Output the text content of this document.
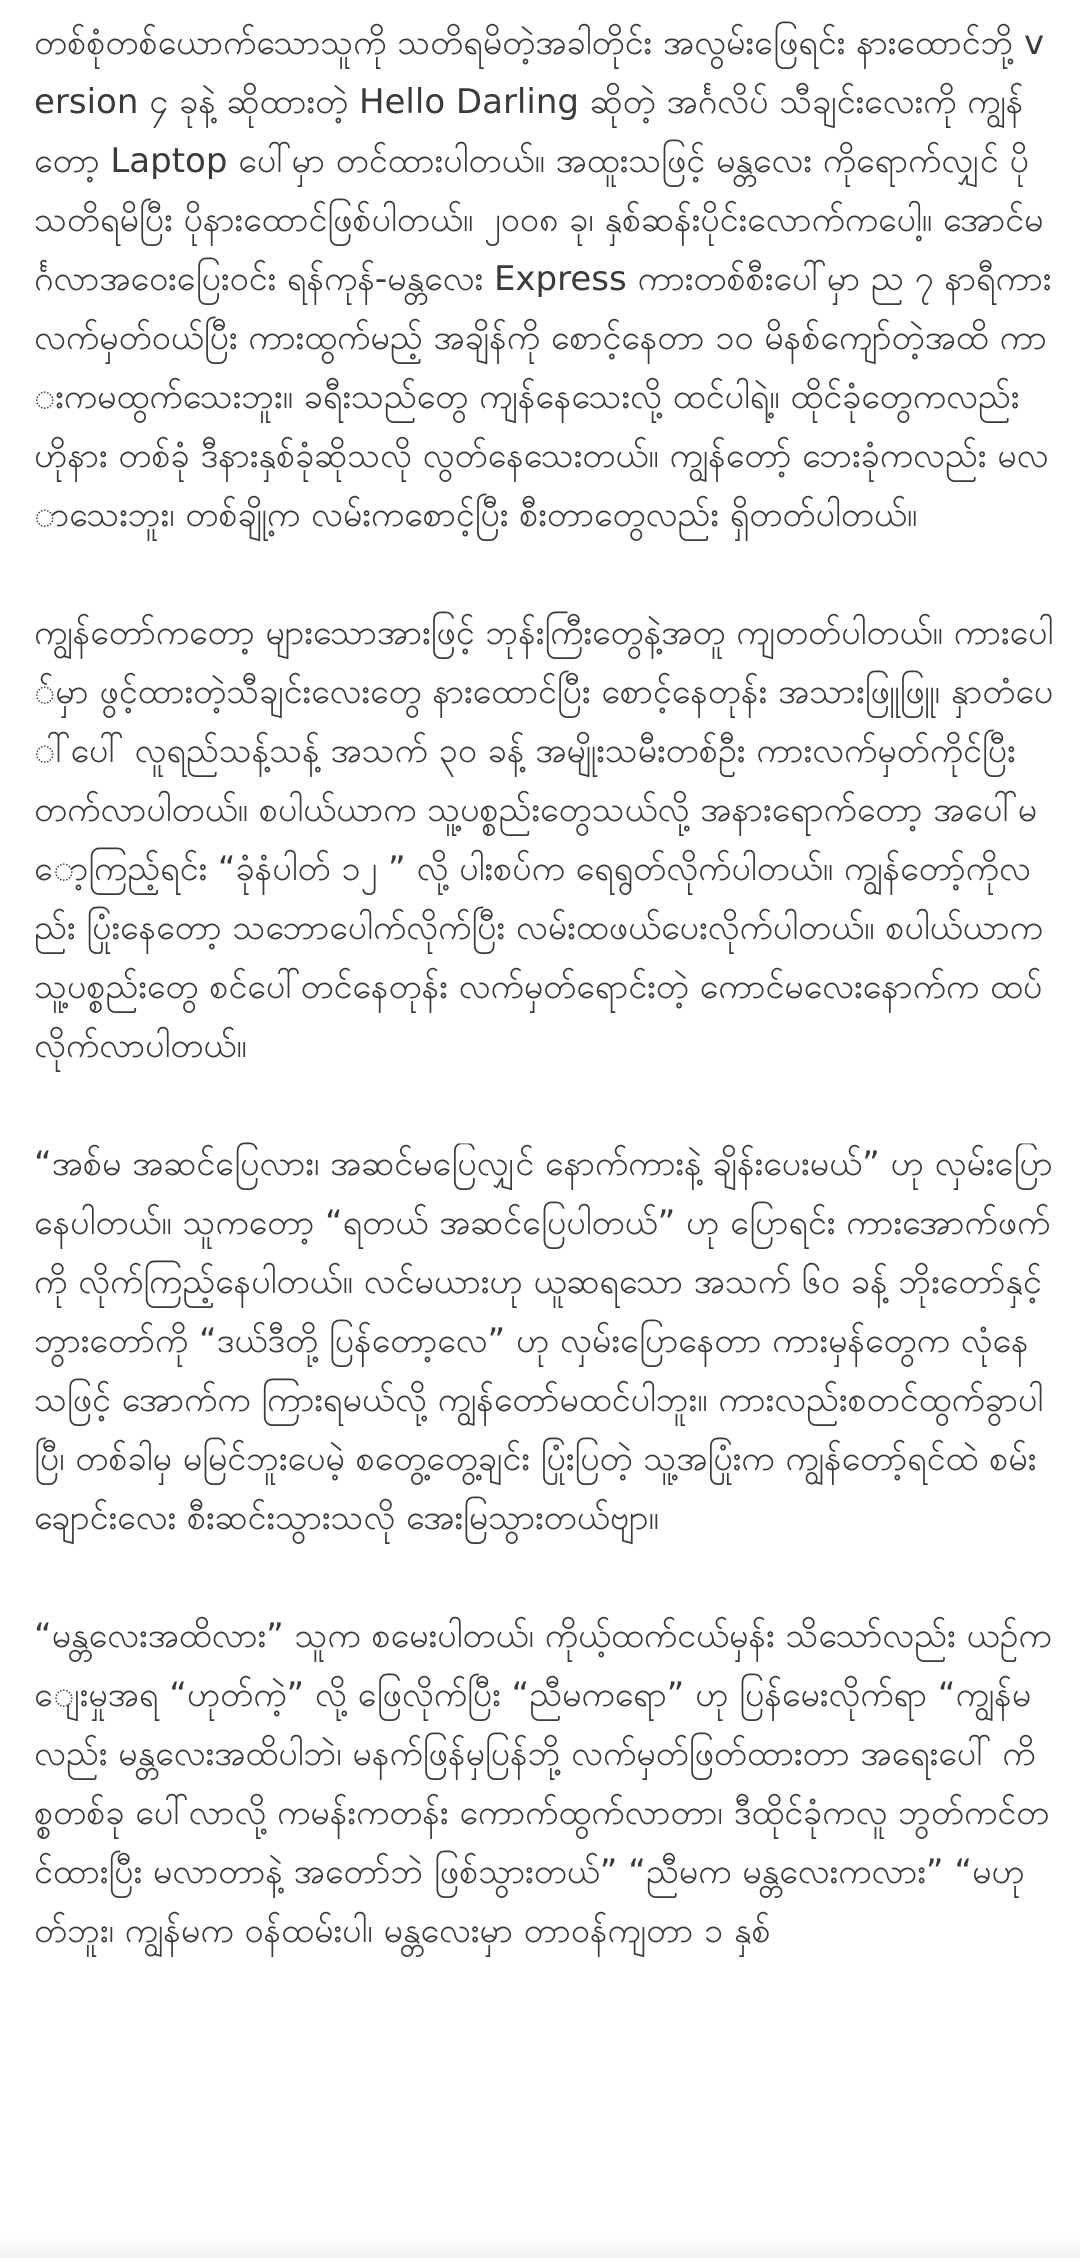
တစ်စုံတစ်ယောက်သောသူကို သတိရမိတဲ့အခါတိုင်း အလွမ်းဖြေရင်း နားထောင်ဘို့ version ၄ ခုနဲ့ ဆိုထားတဲ့ Hello Darling ဆိုတဲ့ အင်္ဂလိပ် သီချင်းလေးကို ကျွန်တော့ Laptop ပေါ်မှာ တင်ထားပါတယ်။ အထူးသဖြင့် မန္တလေး ကိုရောက်လျှင် ပိုသတိရမိပြီး ပိုနားထောင်ဖြစ်ပါတယ်။ ၂၀၀၈ ခု၊ နှစ်ဆန်းပိုင်းလောက်ကပေါ့။ အောင်မင်္ဂလာအဝေးပြေးဝင်း ရန်ကုန်-မန္တလေး Express ကားတစ်စီးပေါ်မှာ ည ၇ နာရီကား လက်မှတ်ဝယ်ပြီး ကားထွက်မည့် အချိန်ကို စောင့်နေတာ ၁၀ မိနစ်ကျော်တဲ့အထိ ကားကမထွက်သေးဘူး။ ခရီးသည်တွေ ကျန်နေသေးလို့ ထင်ပါရဲ့။ ထိုင်ခုံတွေကလည်း ဟိုနား တစ်ခုံ ဒီနားနှစ်ခုံဆိုသလို လွတ်နေသေးတယ်။ ကျွန်တော့် ဘေးခုံကလည်း မလာသေးဘူး၊ တစ်ချို့က လမ်းကစောင့်ပြီး စီးတာတွေလည်း ရှိတတ်ပါတယ်။

ကျွန်တော်ကတော့ များသောအားဖြင့် ဘုန်းကြီးတွေနဲ့အတူ ကျတတ်ပါတယ်။ ကားပေါ်မှာ ဖွင့်ထားတဲ့သီချင်းလေးတွေ နားထောင်ပြီး စောင့်နေတုန်း အသားဖြူဖြူ၊ နှာတံပေါ်ပေါ် လူရည်သန့်သန့် အသက် ၃၀ ခန့် အမျိုးသမီးတစ်ဦး ကားလက်မှတ်ကိုင်ပြီး တက်လာပါတယ်။ စပါယ်ယာက သူ့ပစ္စည်းတွေသယ်လို့ အနားရောက်တော့ အပေါ်မော့ကြည့်ရင်း “ခုံနံပါတ် ၁၂ ” လို့ ပါးစပ်က ရေရွတ်လိုက်ပါတယ်။ ကျွန်တော့်ကိုလည်း ပြုံးနေတော့ သဘောပေါက်လိုက်ပြီး လမ်းထဖယ်ပေးလိုက်ပါတယ်။ စပါယ်ယာက သူ့ပစ္စည်းတွေ စင်ပေါ်တင်နေတုန်း လက်မှတ်ရောင်းတဲ့ ကောင်မလေးနောက်က ထပ်လိုက်လာပါတယ်။

“အစ်မ အဆင်ပြေလား၊ အဆင်မပြေလျှင် နောက်ကားနဲ့ ချိန်းပေးမယ်” ဟု လှမ်းပြောနေပါတယ်။ သူကတော့ “ရတယ် အဆင်ပြေပါတယ်” ဟု ပြောရင်း ကားအောက်ဖက်ကို လိုက်ကြည့်နေပါတယ်။ လင်မယားဟု ယူဆရသော အသက် ၆၀ ခန့် ဘိုးတော်နှင့် ဘွားတော်ကို “ဒယ်ဒီတို့ ပြန်တော့လေ” ဟု လှမ်းပြောနေတာ ကားမှန်တွေက လုံနေသဖြင့် အောက်က ကြားရမယ်လို့ ကျွန်တော်မထင်ပါဘူး။ ကားလည်းစတင်ထွက်ခွာပါပြီ၊ တစ်ခါမှ မမြင်ဘူးပေမဲ့ စတွေ့တွေ့ချင်း ပြုံးပြတဲ့ သူ့အပြုံးက ကျွန်တော့်ရင်ထဲ စမ်းချောင်းလေး စီးဆင်းသွားသလို အေးမြသွားတယ်ဗျာ။

“မန္တလေးအထိလား” သူက စမေးပါတယ်၊ ကိုယ့်ထက်ငယ်မှန်း သိသော်လည်း ယဉ်ကျေးမှုအရ “ဟုတ်ကဲ့” လို့ ဖြေလိုက်ပြီး “ညီမကရော” ဟု ပြန်မေးလိုက်ရာ “ကျွန်မလည်း မန္တလေးအထိပါဘဲ၊ မနက်ဖြန်မှပြန်ဘို့ လက်မှတ်ဖြတ်ထားတာ အရေးပေါ် ကိစ္စတစ်ခု ပေါ်လာလို့ ကမန်းကတန်း ကောက်ထွက်လာတာ၊ ဒီထိုင်ခုံကလူ ဘွတ်ကင်တင်ထားပြီး မလာတာနဲ့ အတော်ဘဲ ဖြစ်သွားတယ်” “ညီမက မန္တလေးကလား” “မဟုတ်ဘူး၊ ကျွန်မက ဝန်ထမ်းပါ၊ မန္တလေးမှာ တာဝန်ကျတာ ၁ နှစ်
